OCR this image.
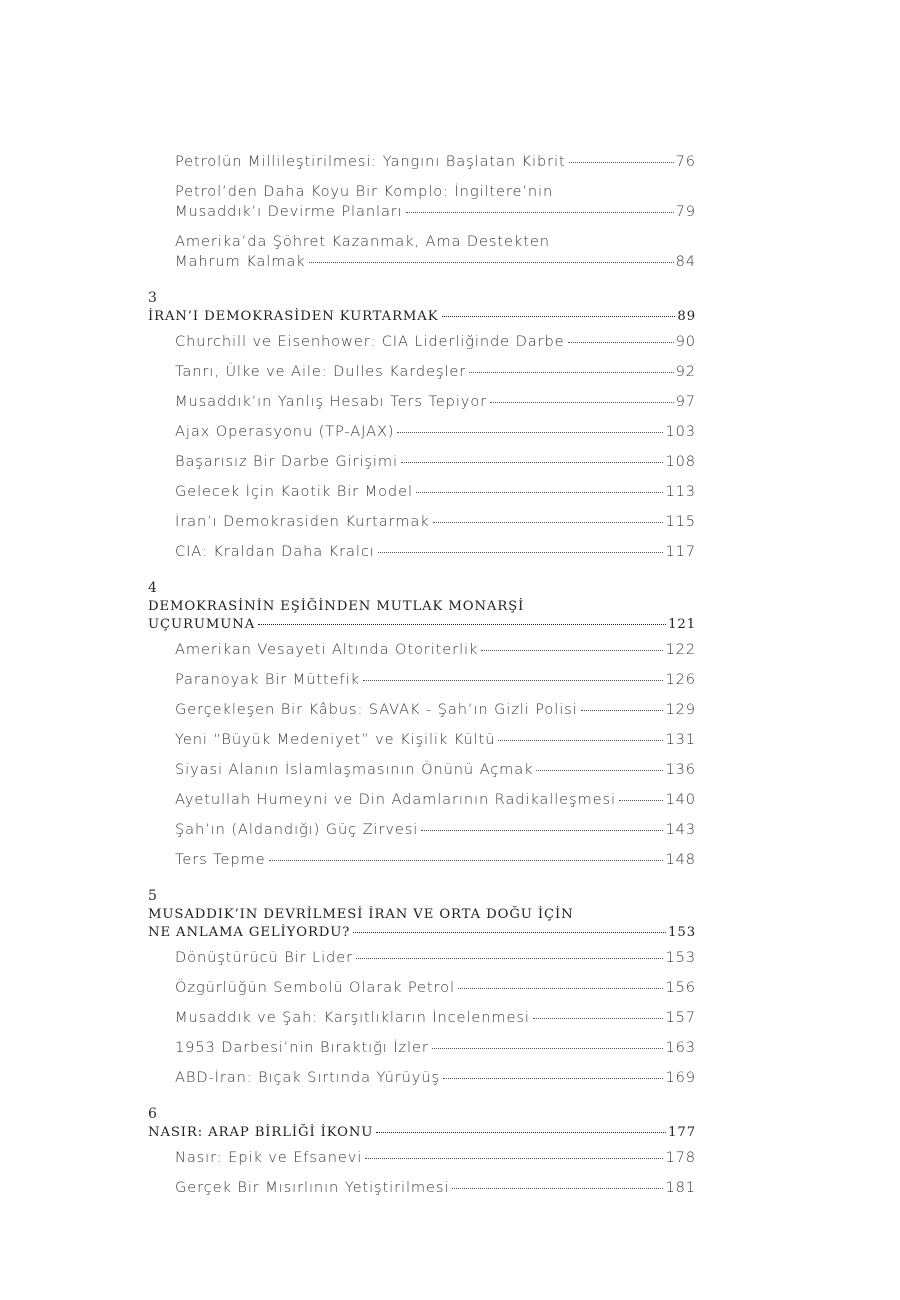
Petrolün Millileştirilmesi: Yangını Başlatan Kibrit	76
Petrol’den Daha Koyu Bir Komplo: İngiltere’nin
Musaddık’ı Devirme Planları	79
Amerika’da Şöhret Kazanmak, Ama Destekten
Mahrum Kalmak	84
3
İRAN’I DEMOKRASİDEN KURTARMAK	89
Churchill ve Eisenhower: CIA Liderliğinde Darbe	90
Tanrı, Ülke ve Aile: Dulles Kardeşler	92
Musaddık’ın Yanlış Hesabı Ters Tepiyor	97
Ajax Operasyonu (TP-AJAX)	103
Başarısız Bir Darbe Girişimi	108
Gelecek İçin Kaotik Bir Model	113
İran’ı Demokrasiden Kurtarmak	115
CIA: Kraldan Daha Kralcı	117
4
DEMOKRASİNİN EŞİĞİNDEN MUTLAK MONARŞİ
UÇURUMUNA	121
Amerikan Vesayeti Altında Otoriterlik	122
Paranoyak Bir Müttefik	126
Gerçekleşen Bir Kâbus: SAVAK - Şah’ın Gizli Polisi	129
Yeni “Büyük Medeniyet” ve Kişilik Kültü	131
Siyasi Alanın İslamlaşmasının Önünü Açmak	136
Ayetullah Humeyni ve Din Adamlarının Radikalleşmesi	140
Şah’ın (Aldandığı) Güç Zirvesi	143
Ters Tepme	148
5
MUSADDIK’IN DEVRİLMESİ İRAN VE ORTA DOĞU İÇİN
NE ANLAMA GELİYORDU?	153
Dönüştürücü Bir Lider	153
Özgürlüğün Sembolü Olarak Petrol	156
Musaddık ve Şah: Karşıtlıkların İncelenmesi	157
1953 Darbesi’nin Bıraktığı İzler	163
ABD-İran: Bıçak Sırtında Yürüyüş	169
6
NASIR: ARAP BİRLİĞİ İKONU	177
Nasır: Epik ve Efsanevi	178
Gerçek Bir Mısırlının Yetiştirilmesi	181
